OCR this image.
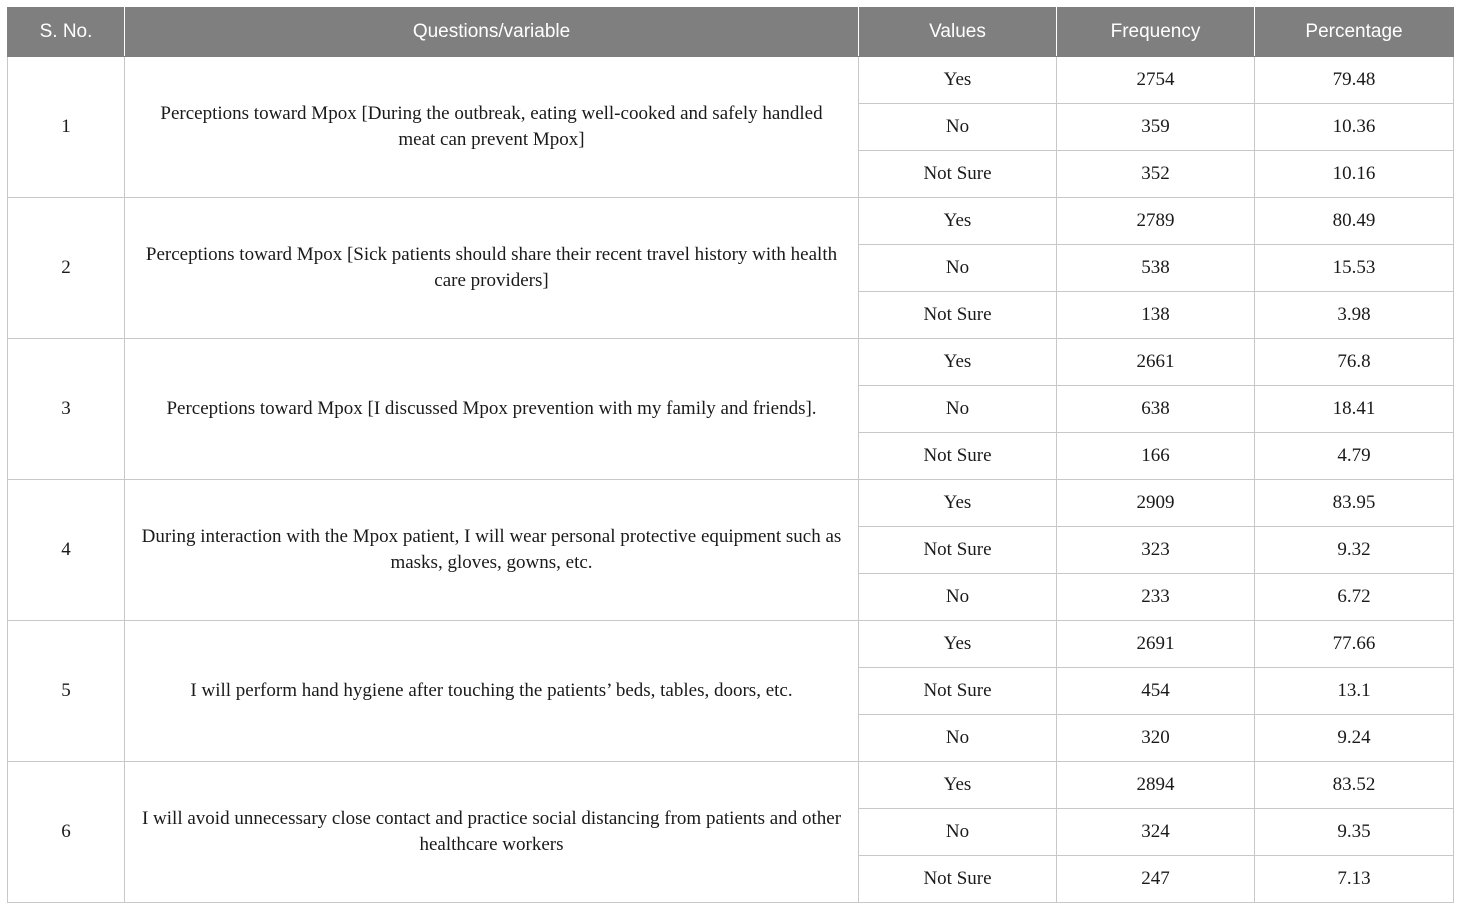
S. No.	Questions/variable	Values	Frequency	Percentage
1	Perceptions toward Mpox [During the outbreak, eating well-cooked and safely handled meat can prevent Mpox]	Yes	2754	79.48
		No	359	10.36
		Not Sure	352	10.16
2	Perceptions toward Mpox [Sick patients should share their recent travel history with health care providers]	Yes	2789	80.49
		No	538	15.53
		Not Sure	138	3.98
3	Perceptions toward Mpox [I discussed Mpox prevention with my family and friends].	Yes	2661	76.8
		No	638	18.41
		Not Sure	166	4.79
4	During interaction with the Mpox patient, I will wear personal protective equipment such as masks, gloves, gowns, etc.	Yes	2909	83.95
		Not Sure	323	9.32
		No	233	6.72
5	I will perform hand hygiene after touching the patients’ beds, tables, doors, etc.	Yes	2691	77.66
		Not Sure	454	13.1
		No	320	9.24
6	I will avoid unnecessary close contact and practice social distancing from patients and other healthcare workers	Yes	2894	83.52
		No	324	9.35
		Not Sure	247	7.13
